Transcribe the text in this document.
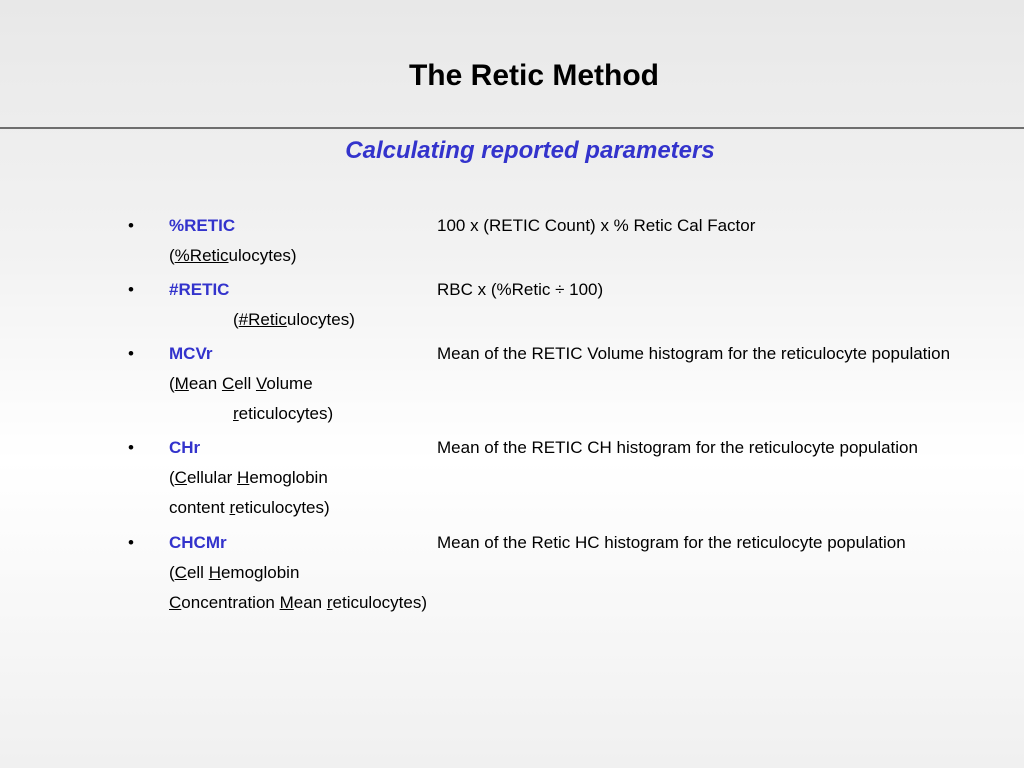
The Retic Method
Calculating reported parameters
• %RETIC
(%Reticulocytes)
100 x (RETIC Count) x % Retic Cal Factor
• #RETIC
(#Reticulocytes)
RBC x (%Retic ÷ 100)
• MCVr
(Mean Cell Volume
reticulocytes)
Mean of the RETIC Volume histogram for the reticulocyte population
• CHr
(Cellular Hemoglobin
content reticulocytes)
Mean of the RETIC CH histogram for the reticulocyte population
• CHCMr
(Cell Hemoglobin
Concentration Mean reticulocytes)
Mean of the Retic HC histogram for the reticulocyte population
